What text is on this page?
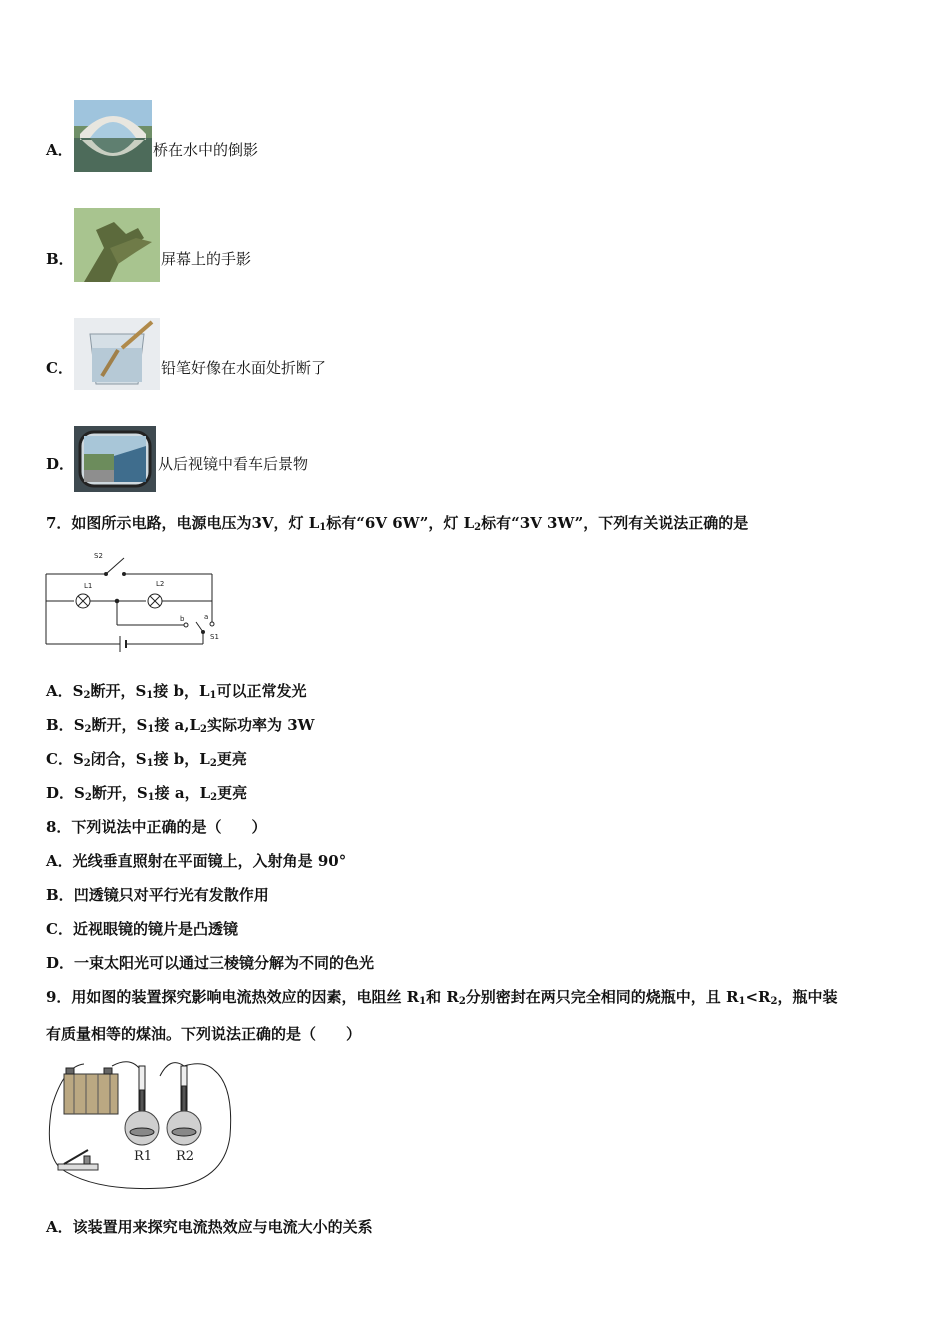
A．	桥在水中的倒影
B．	屏幕上的手影
C．	铅笔好像在水面处折断了
D．	从后视镜中看车后景物
7．如图所示电路，电源电压为3V，灯 $L_1$标有“6V 6W”，灯 $L_2$标有“3V 3W”，下列有关说法正确的是
S2
L1	L2
b	a
S1
A．$S_2$断开，$S_1$接 b，$L_1$可以正常发光
B．$S_2$断开，$S_1$接 $a,L_2$实际功率为 3W
C．$S_2$闭合，$S_1$接 b，$L_2$更亮
D．$S_2$断开，$S_1$接 a，$L_2$更亮
8．下列说法中正确的是（　　）
A．光线垂直照射在平面镜上，入射角是 90°
B．凹透镜只对平行光有发散作用
C．近视眼镜的镜片是凸透镜
D．一束太阳光可以通过三棱镜分解为不同的色光
9．用如图的装置探究影响电流热效应的因素，电阻丝 $R_1$和 $R_2$分别密封在两只完全相同的烧瓶中，且 $R_1<R_2$，瓶中装
有质量相等的煤油。下列说法正确的是（　　）
R1 R2
A．该装置用来探究电流热效应与电流大小的关系
